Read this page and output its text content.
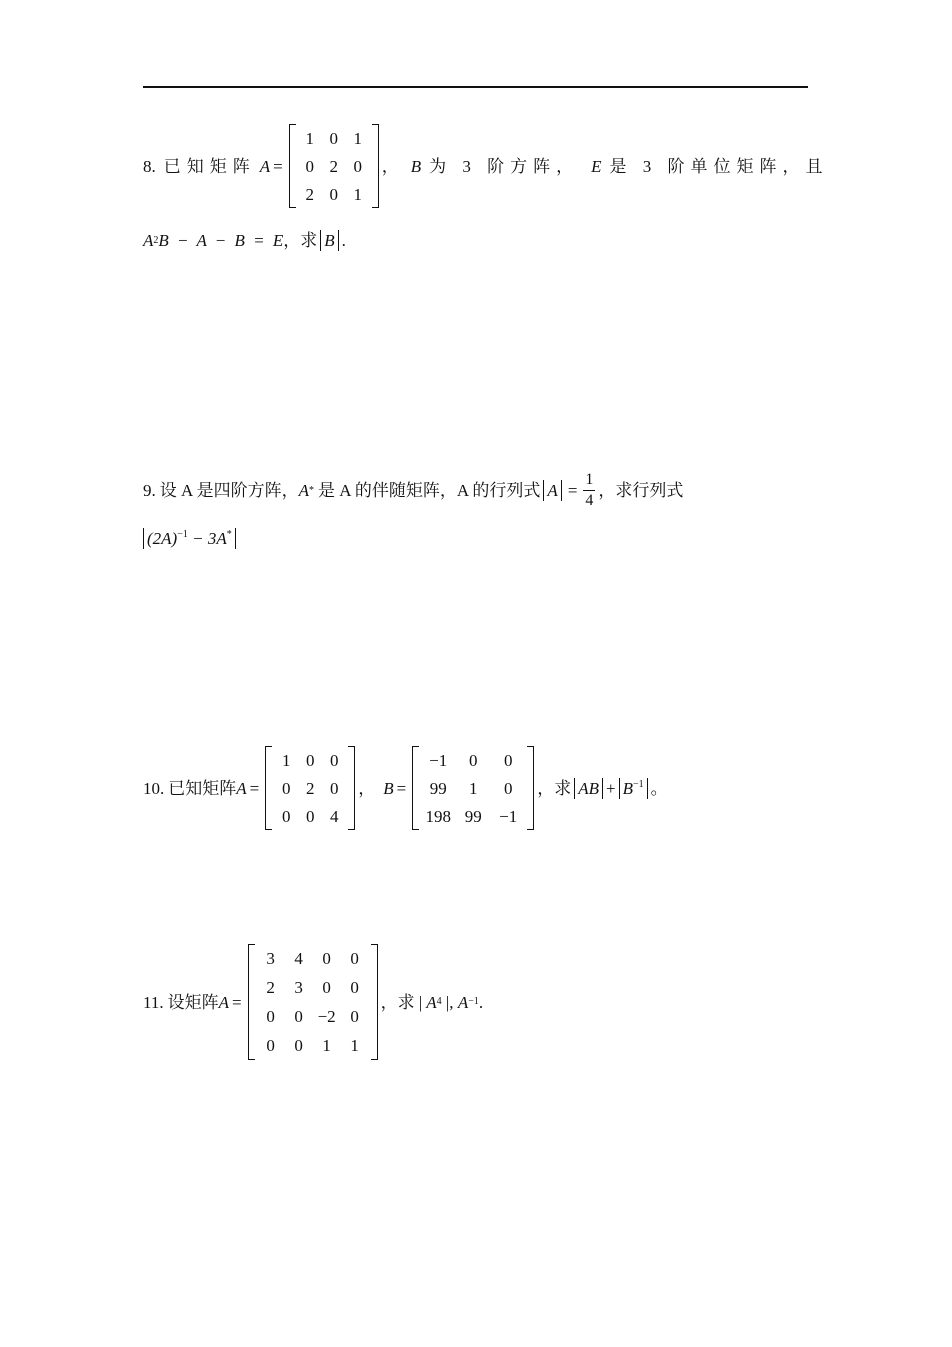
8. 已知矩阵 A =
1 0 1
0 2 0
2 0 1
， B 为 3 阶方阵， E 是 3 阶单位矩阵，且
A 2 B − A − B = E ，求 B .
9. 设 A 是四阶方阵， A * 是 A 的伴随矩阵，A 的行列式 $A = \frac{1}{4}$ ，求行列式
$(2A)^{-1} - 3A^*$
10. 已知矩阵 A =
1 0 0
0 2 0
0 0 4
， B =
−1	0	0
99	1	0
198 99	−1
，求 AB + $B^{-1}$ 。
11. 设矩阵 A =
3	4	0	0
2	3	0	0
0	0 −2 0
0	0	1	1
，求 | A 4 |, A −1 .
